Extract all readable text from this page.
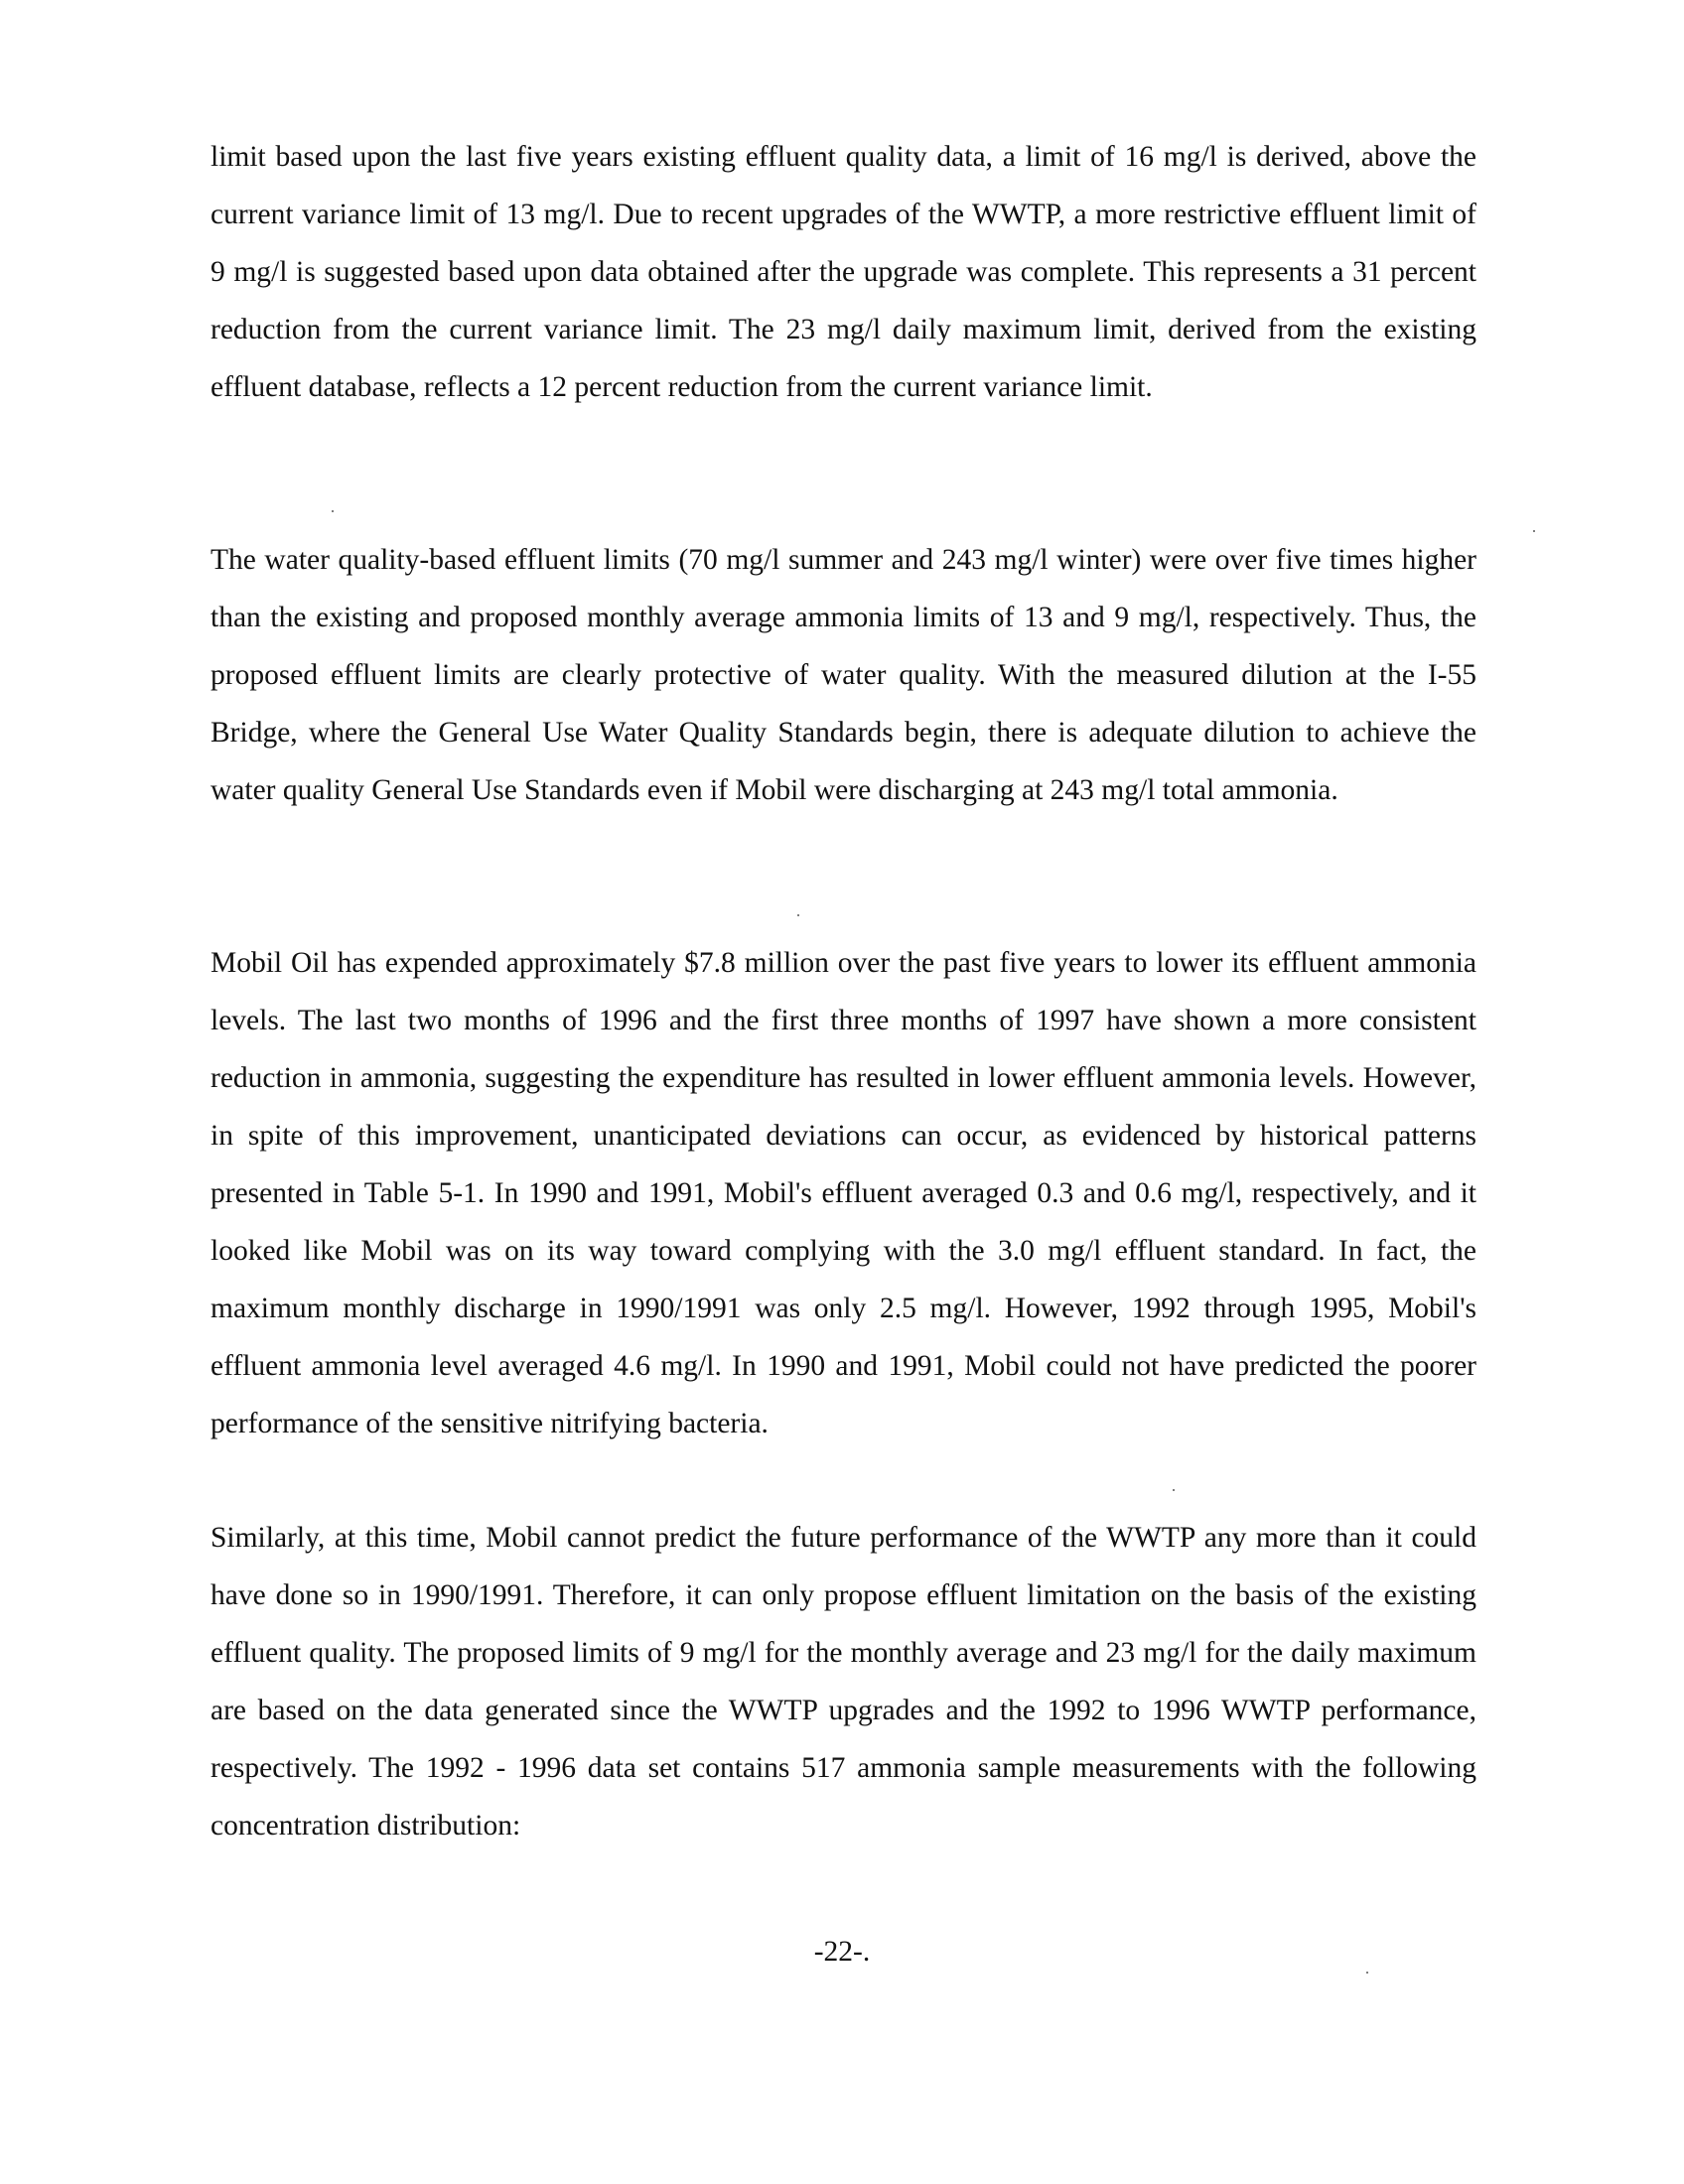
limit based upon the last five years existing effluent quality data, a limit of 16 mg/l is derived, above the current variance limit of 13 mg/l. Due to recent upgrades of the WWTP, a more restrictive effluent limit of 9 mg/l is suggested based upon data obtained after the upgrade was complete. This represents a 31 percent reduction from the current variance limit. The 23 mg/l daily maximum limit, derived from the existing effluent database, reflects a 12 percent reduction from the current variance limit.

The water quality-based effluent limits (70 mg/l summer and 243 mg/l winter) were over five times higher than the existing and proposed monthly average ammonia limits of 13 and 9 mg/l, respectively. Thus, the proposed effluent limits are clearly protective of water quality. With the measured dilution at the I-55 Bridge, where the General Use Water Quality Standards begin, there is adequate dilution to achieve the water quality General Use Standards even if Mobil were discharging at 243 mg/l total ammonia.

Mobil Oil has expended approximately $7.8 million over the past five years to lower its effluent ammonia levels. The last two months of 1996 and the first three months of 1997 have shown a more consistent reduction in ammonia, suggesting the expenditure has resulted in lower effluent ammonia levels. However, in spite of this improvement, unanticipated deviations can occur, as evidenced by historical patterns presented in Table 5-1. In 1990 and 1991, Mobil's effluent averaged 0.3 and 0.6 mg/l, respectively, and it looked like Mobil was on its way toward complying with the 3.0 mg/l effluent standard. In fact, the maximum monthly discharge in 1990/1991 was only 2.5 mg/l. However, 1992 through 1995, Mobil's effluent ammonia level averaged 4.6 mg/l. In 1990 and 1991, Mobil could not have predicted the poorer performance of the sensitive nitrifying bacteria.

Similarly, at this time, Mobil cannot predict the future performance of the WWTP any more than it could have done so in 1990/1991. Therefore, it can only propose effluent limitation on the basis of the existing effluent quality. The proposed limits of 9 mg/l for the monthly average and 23 mg/l for the daily maximum are based on the data generated since the WWTP upgrades and the 1992 to 1996 WWTP performance, respectively. The 1992 - 1996 data set contains 517 ammonia sample measurements with the following concentration distribution:

-22-.
